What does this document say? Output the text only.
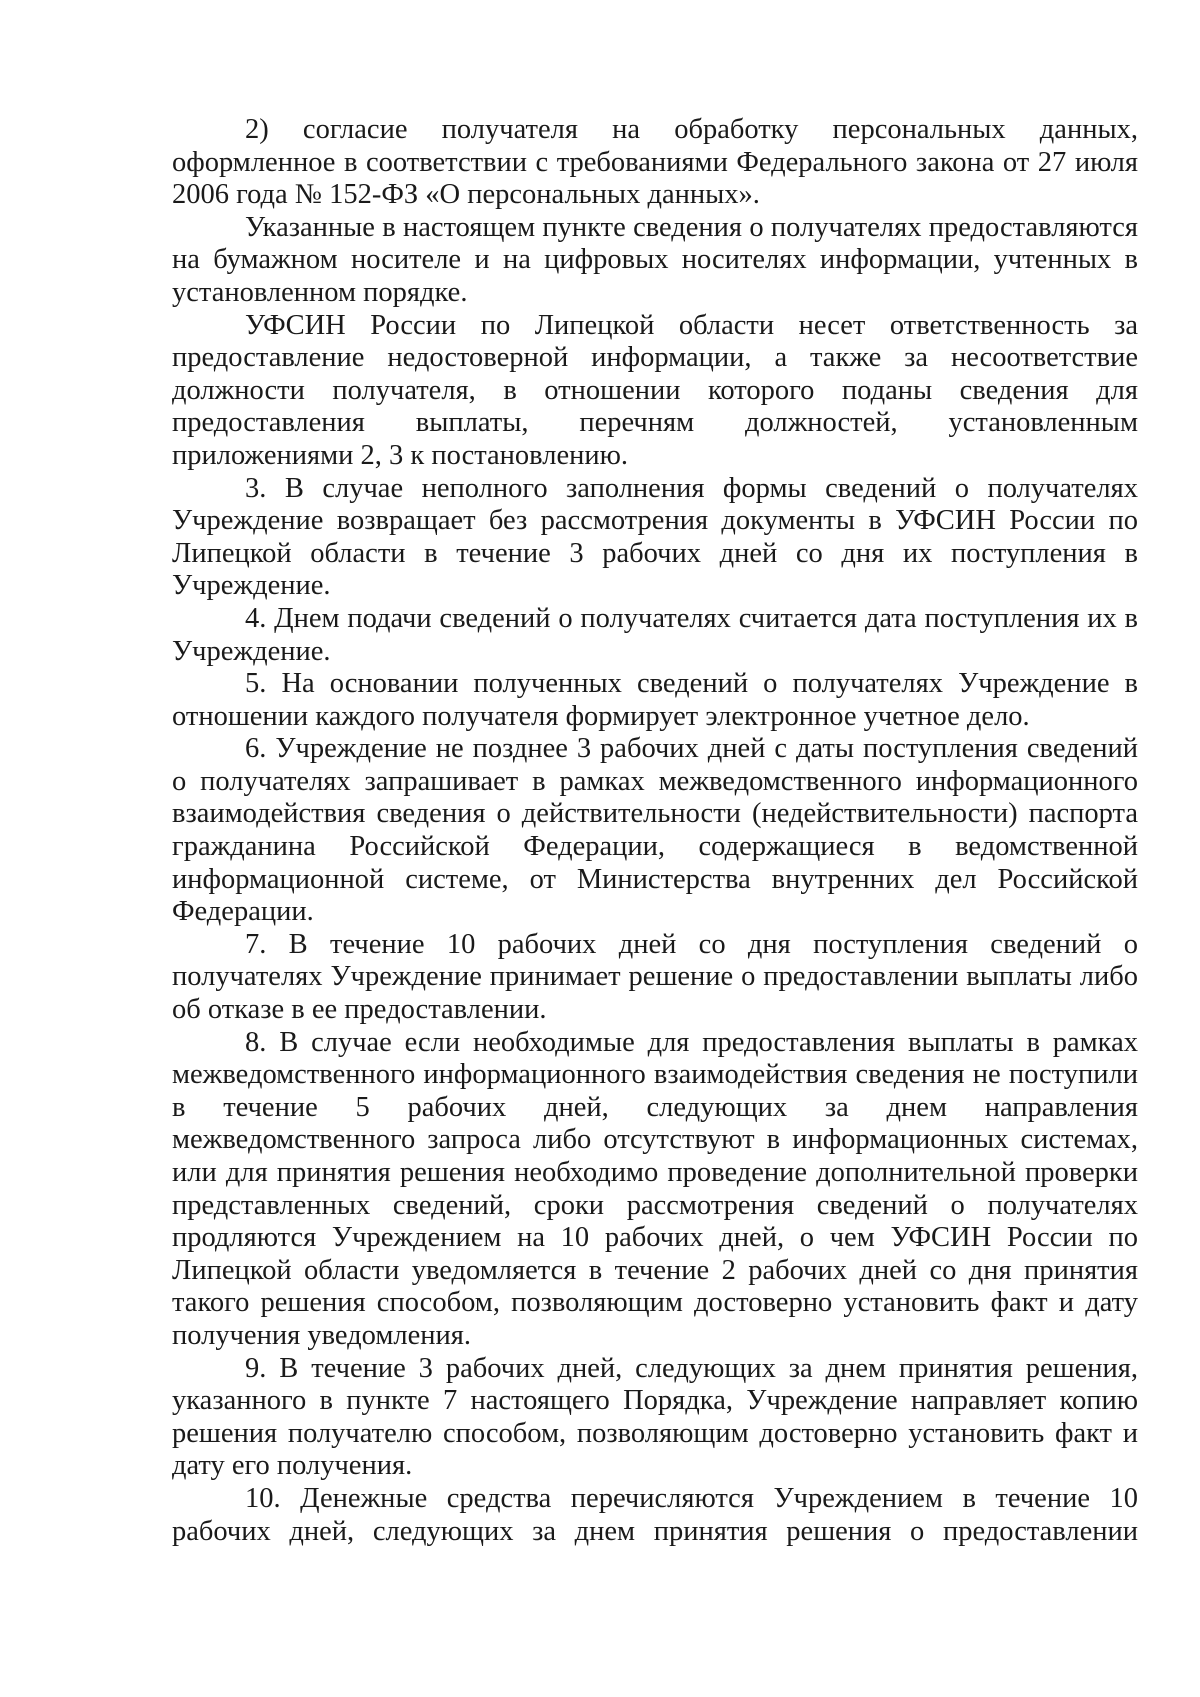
2) согласие получателя на обработку персональных данных, оформленное в соответствии с требованиями Федерального закона от 27 июля 2006 года № 152-ФЗ «О персональных данных».

Указанные в настоящем пункте сведения о получателях предоставляются на бумажном носителе и на цифровых носителях информации, учтенных в установленном порядке.

УФСИН России по Липецкой области несет ответственность за предоставление недостоверной информации, а также за несоответствие должности получателя, в отношении которого поданы сведения для предоставления выплаты, перечням должностей, установленным приложениями 2, 3 к постановлению.

3. В случае неполного заполнения формы сведений о получателях Учреждение возвращает без рассмотрения документы в УФСИН России по Липецкой области в течение 3 рабочих дней со дня их поступления в Учреждение.

4. Днем подачи сведений о получателях считается дата поступления их в Учреждение.

5. На основании полученных сведений о получателях Учреждение в отношении каждого получателя формирует электронное учетное дело.

6. Учреждение не позднее 3 рабочих дней с даты поступления сведений о получателях запрашивает в рамках межведомственного информационного взаимодействия сведения о действительности (недействительности) паспорта гражданина Российской Федерации, содержащиеся в ведомственной информационной системе, от Министерства внутренних дел Российской Федерации.

7. В течение 10 рабочих дней со дня поступления сведений о получателях Учреждение принимает решение о предоставлении выплаты либо об отказе в ее предоставлении.

8. В случае если необходимые для предоставления выплаты в рамках межведомственного информационного взаимодействия сведения не поступили в течение 5 рабочих дней, следующих за днем направления межведомственного запроса либо отсутствуют в информационных системах, или для принятия решения необходимо проведение дополнительной проверки представленных сведений, сроки рассмотрения сведений о получателях продляются Учреждением на 10 рабочих дней, о чем УФСИН России по Липецкой области уведомляется в течение 2 рабочих дней со дня принятия такого решения способом, позволяющим достоверно установить факт и дату получения уведомления.

9. В течение 3 рабочих дней, следующих за днем принятия решения, указанного в пункте 7 настоящего Порядка, Учреждение направляет копию решения получателю способом, позволяющим достоверно установить факт и дату его получения.

10. Денежные средства перечисляются Учреждением в течение 10 рабочих дней, следующих за днем принятия решения о предоставлении
